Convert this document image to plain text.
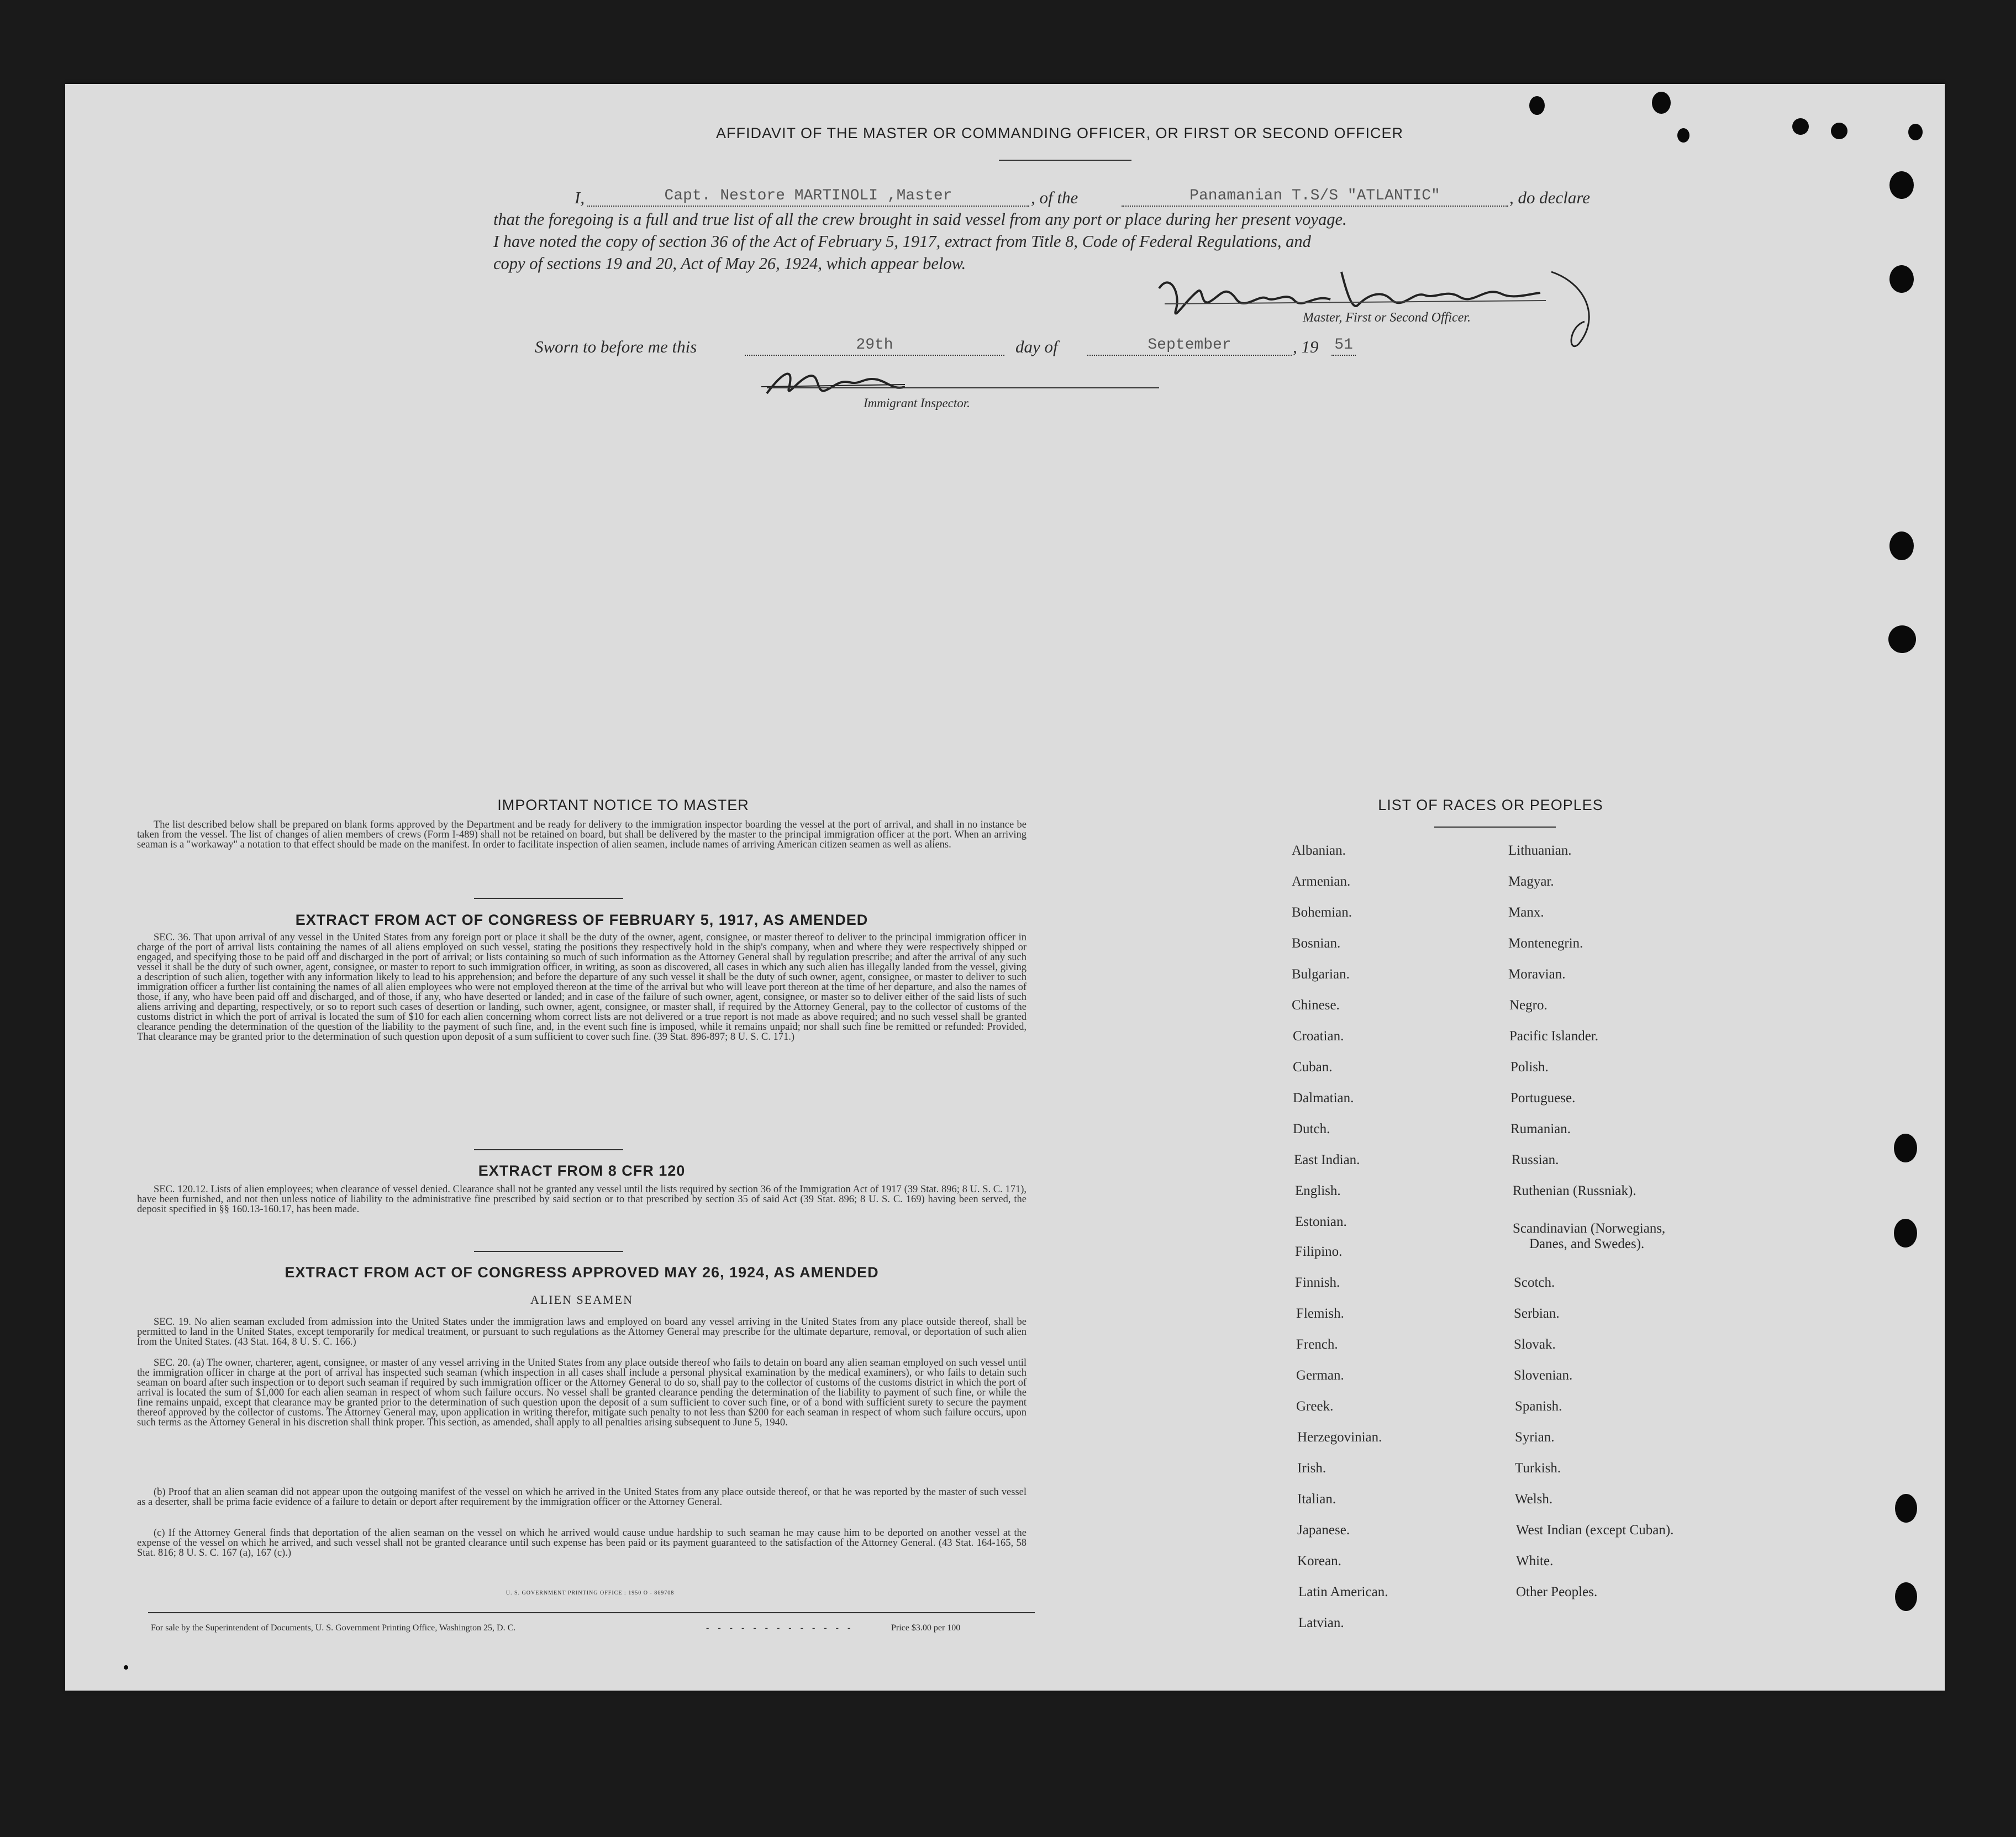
AFFIDAVIT OF THE MASTER OR COMMANDING OFFICER, OR FIRST OR SECOND OFFICER
I,	Capt. Nestore MARTINOLI ,Master	, of the	Panamanian T.S/S "ATLANTIC"	, do declare
that the foregoing is a full and true list of all the crew brought in said vessel from any port or place during her present voyage.
I have noted the copy of section 36 of the Act of February 5, 1917, extract from Title 8, Code of Federal Regulations, and
copy of sections 19 and 20, Act of May 26, 1924, which appear below.
Master, First or Second Officer.
Sworn to before me this	29th	day of	September	, 19 51
Immigrant Inspector.
IMPORTANT NOTICE TO MASTER
The list described below shall be prepared on blank forms approved by the Department and be ready for delivery to the immigration inspector boarding the vessel at the port of arrival, and shall in no instance be taken from the vessel. The list of changes of alien members of crews (Form I-489) shall not be retained on board, but shall be delivered by the master to the principal immigration officer at the port. When an arriving seaman is a "workaway" a notation to that effect should be made on the manifest. In order to facilitate inspection of alien seamen, include names of arriving American citizen seamen as well as aliens.
EXTRACT FROM ACT OF CONGRESS OF FEBRUARY 5, 1917, AS AMENDED
SEC. 36. That upon arrival of any vessel in the United States from any foreign port or place it shall be the duty of the owner, agent, consignee, or master thereof to deliver to the principal immigration officer in charge of the port of arrival lists containing the names of all aliens employed on such vessel, stating the positions they respectively hold in the ship's company, when and where they were respectively shipped or engaged, and specifying those to be paid off and discharged in the port of arrival; or lists containing so much of such information as the Attorney General shall by regulation prescribe; and after the arrival of any such vessel it shall be the duty of such owner, agent, consignee, or master to report to such immigration officer, in writing, as soon as discovered, all cases in which any such alien has illegally landed from the vessel, giving a description of such alien, together with any information likely to lead to his apprehension; and before the departure of any such vessel it shall be the duty of such owner, agent, consignee, or master to deliver to such immigration officer a further list containing the names of all alien employees who were not employed thereon at the time of the arrival but who will leave port thereon at the time of her departure, and also the names of those, if any, who have been paid off and discharged, and of those, if any, who have deserted or landed; and in case of the failure of such owner, agent, consignee, or master so to deliver either of the said lists of such aliens arriving and departing, respectively, or so to report such cases of desertion or landing, such owner, agent, consignee, or master shall, if required by the Attorney General, pay to the collector of customs of the customs district in which the port of arrival is located the sum of $10 for each alien concerning whom correct lists are not delivered or a true report is not made as above required; and no such vessel shall be granted clearance pending the determination of the question of the liability to the payment of such fine, and, in the event such fine is imposed, while it remains unpaid; nor shall such fine be remitted or refunded: Provided, That clearance may be granted prior to the determination of such question upon deposit of a sum sufficient to cover such fine. (39 Stat. 896-897; 8 U. S. C. 171.)
EXTRACT FROM 8 CFR 120
SEC. 120.12. Lists of alien employees; when clearance of vessel denied. Clearance shall not be granted any vessel until the lists required by section 36 of the Immigration Act of 1917 (39 Stat. 896; 8 U. S. C. 171), have been furnished, and not then unless notice of liability to the administrative fine prescribed by said section or to that prescribed by section 35 of said Act (39 Stat. 896; 8 U. S. C. 169) having been served, the deposit specified in §§ 160.13-160.17, has been made.
EXTRACT FROM ACT OF CONGRESS APPROVED MAY 26, 1924, AS AMENDED
ALIEN SEAMEN
SEC. 19. No alien seaman excluded from admission into the United States under the immigration laws and employed on board any vessel arriving in the United States from any place outside thereof, shall be permitted to land in the United States, except temporarily for medical treatment, or pursuant to such regulations as the Attorney General may prescribe for the ultimate departure, removal, or deportation of such alien from the United States. (43 Stat. 164, 8 U. S. C. 166.)
SEC. 20. (a) The owner, charterer, agent, consignee, or master of any vessel arriving in the United States from any place outside thereof who fails to detain on board any alien seaman employed on such vessel until the immigration officer in charge at the port of arrival has inspected such seaman (which inspection in all cases shall include a personal physical examination by the medical examiners), or who fails to detain such seaman on board after such inspection or to deport such seaman if required by such immigration officer or the Attorney General to do so, shall pay to the collector of customs of the customs district in which the port of arrival is located the sum of $1,000 for each alien seaman in respect of whom such failure occurs. No vessel shall be granted clearance pending the determination of the liability to payment of such fine, or while the fine remains unpaid, except that clearance may be granted prior to the determination of such question upon the deposit of a sum sufficient to cover such fine, or of a bond with sufficient surety to secure the payment thereof approved by the collector of customs. The Attorney General may, upon application in writing therefor, mitigate such penalty to not less than $200 for each seaman in respect of whom such failure occurs, upon such terms as the Attorney General in his discretion shall think proper. This section, as amended, shall apply to all penalties arising subsequent to June 5, 1940.
(b) Proof that an alien seaman did not appear upon the outgoing manifest of the vessel on which he arrived in the United States from any place outside thereof, or that he was reported by the master of such vessel as a deserter, shall be prima facie evidence of a failure to detain or deport after requirement by the immigration officer or the Attorney General.
(c) If the Attorney General finds that deportation of the alien seaman on the vessel on which he arrived would cause undue hardship to such seaman he may cause him to be deported on another vessel at the expense of the vessel on which he arrived, and such vessel shall not be granted clearance until such expense has been paid or its payment guaranteed to the satisfaction of the Attorney General. (43 Stat. 164-165, 58 Stat. 816; 8 U. S. C. 167 (a), 167 (c).)
U. S. GOVERNMENT PRINTING OFFICE : 1950 O - 869708
For sale by the Superintendent of Documents, U. S. Government Printing Office, Washington 25, D. C.	- - - - - - - - - - - - -	Price $3.00 per 100
LIST OF RACES OR PEOPLES
Albanian.
Armenian.
Bohemian.
Bosnian.
Bulgarian.
Chinese.
Croatian.
Cuban.
Dalmatian.
Dutch.
East Indian.
English.
Estonian.
Filipino.
Finnish.
Flemish.
French.
German.
Greek.
Herzegovinian.
Irish.
Italian.
Japanese.
Korean.
Latin American.
Latvian.
Lithuanian.
Magyar.
Manx.
Montenegrin.
Moravian.
Negro.
Pacific Islander.
Polish.
Portuguese.
Rumanian.
Russian.
Ruthenian (Russniak).
Scandinavian (Norwegians,
Danes, and Swedes).
Scotch.
Serbian.
Slovak.
Slovenian.
Spanish.
Syrian.
Turkish.
Welsh.
West Indian (except Cuban).
White.
Other Peoples.
